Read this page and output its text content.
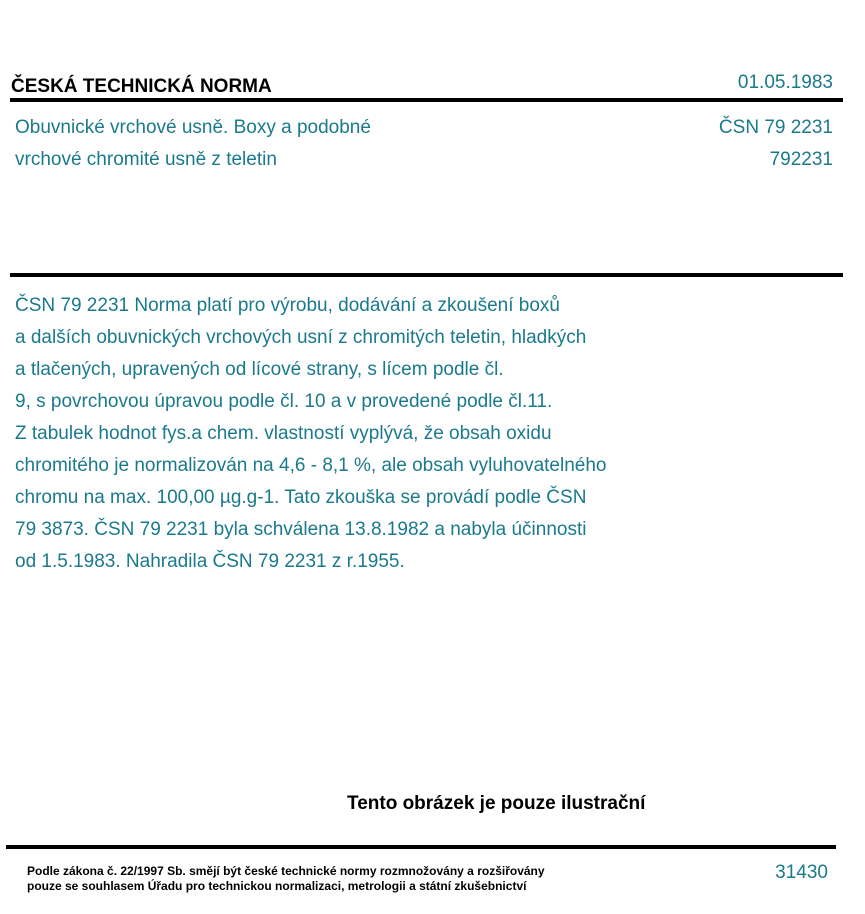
ČESKÁ TECHNICKÁ NORMA	01.05.1983
Obuvnické vrchové usně. Boxy a podobné
vrchové chromité usně z teletin
ČSN 79 2231
792231
ČSN 79 2231 Norma platí pro výrobu, dodávání a zkoušení boxů
a dalších obuvnických vrchových usní z chromitých teletin, hladkých
a tlačených, upravených od lícové strany, s lícem podle čl.
9, s povrchovou úpravou podle čl. 10 a v provedené podle čl.11.
Z tabulek hodnot fys.a chem. vlastností vyplývá, že obsah oxidu
chromitého je normalizován na 4,6 - 8,1 %, ale obsah vyluhovatelného
chromu na max. 100,00 µg.g-1. Tato zkouška se provádí podle ČSN
79 3873. ČSN 79 2231 byla schválena 13.8.1982 a nabyla účinnosti
od 1.5.1983. Nahradila ČSN 79 2231 z r.1955.
Tento obrázek je pouze ilustrační
Podle zákona č. 22/1997 Sb. smějí být české technické normy rozmnožovány a rozšiřovány
pouze se souhlasem Úřadu pro technickou normalizaci, metrologii a státní zkušebnictví
31430
